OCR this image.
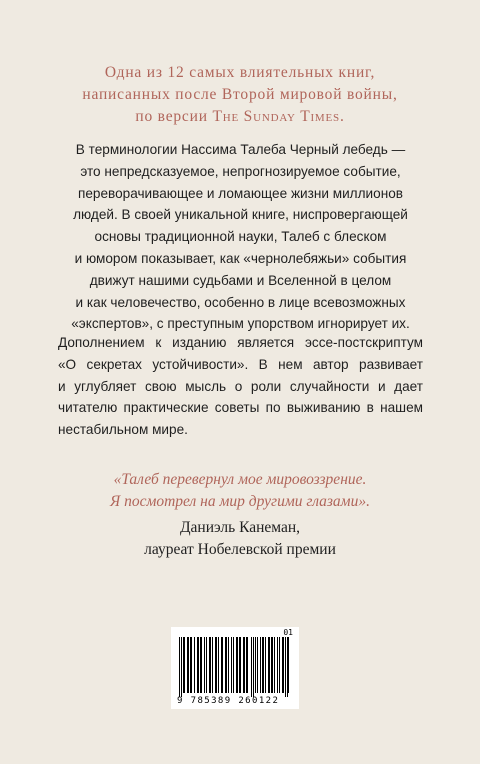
Одна из 12 самых влиятельных книг,
написанных после Второй мировой войны,
по версии The Sunday Times.
В терминологии Нассима Талеба Черный лебедь —
это непредсказуемое, непрогнозируемое событие,
переворачивающее и ломающее жизни миллионов
людей. В своей уникальной книге, ниспровергающей
основы традиционной науки, Талеб с блеском
и юмором показывает, как «чернолебяжьи» события
движут нашими судьбами и Вселенной в целом
и как человечество, особенно в лице всевозможных
«экспертов», с преступным упорством игнорирует их.
Дополнением к изданию является эссе-постскриптум
«О секретах устойчивости». В нем автор развивает
и углубляет свою мысль о роли случайности и дает
читателю практические советы по выживанию в нашем
нестабильном мире.
«Талеб перевернул мое мировоззрение.
Я посмотрел на мир другими глазами».
Даниэль Канеман,
лауреат Нобелевской премии
01
9 785389 260122
